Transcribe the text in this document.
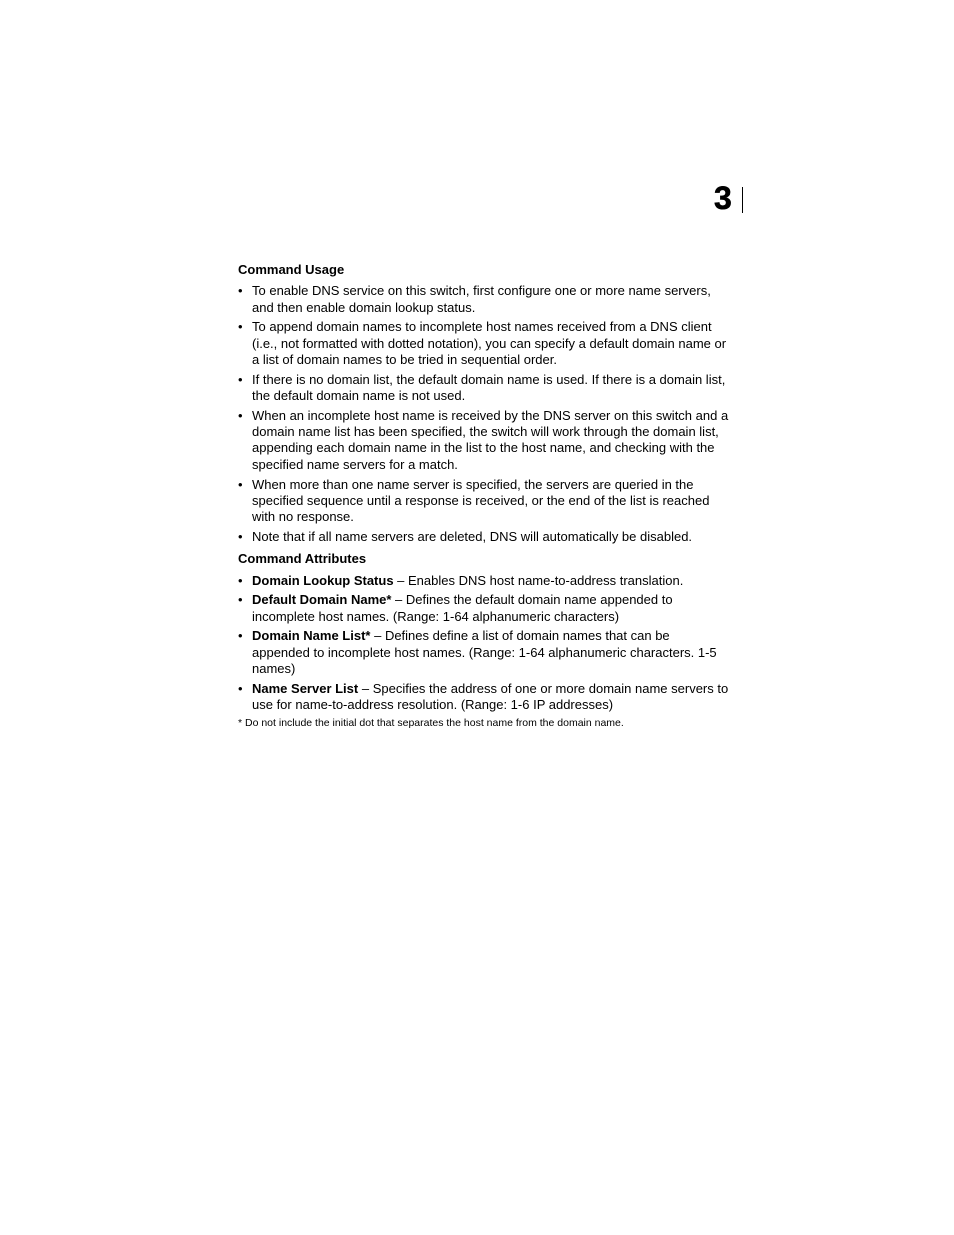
3
Command Usage
• To enable DNS service on this switch, first configure one or more name servers, and then enable domain lookup status.
• To append domain names to incomplete host names received from a DNS client (i.e., not formatted with dotted notation), you can specify a default domain name or a list of domain names to be tried in sequential order.
• If there is no domain list, the default domain name is used. If there is a domain list, the default domain name is not used.
• When an incomplete host name is received by the DNS server on this switch and a domain name list has been specified, the switch will work through the domain list, appending each domain name in the list to the host name, and checking with the specified name servers for a match.
• When more than one name server is specified, the servers are queried in the specified sequence until a response is received, or the end of the list is reached with no response.
• Note that if all name servers are deleted, DNS will automatically be disabled.
Command Attributes
• Domain Lookup Status – Enables DNS host name-to-address translation.
• Default Domain Name* – Defines the default domain name appended to incomplete host names. (Range: 1-64 alphanumeric characters)
• Domain Name List* – Defines define a list of domain names that can be appended to incomplete host names. (Range: 1-64 alphanumeric characters. 1-5 names)
• Name Server List – Specifies the address of one or more domain name servers to use for name-to-address resolution. (Range: 1-6 IP addresses)
* Do not include the initial dot that separates the host name from the domain name.
